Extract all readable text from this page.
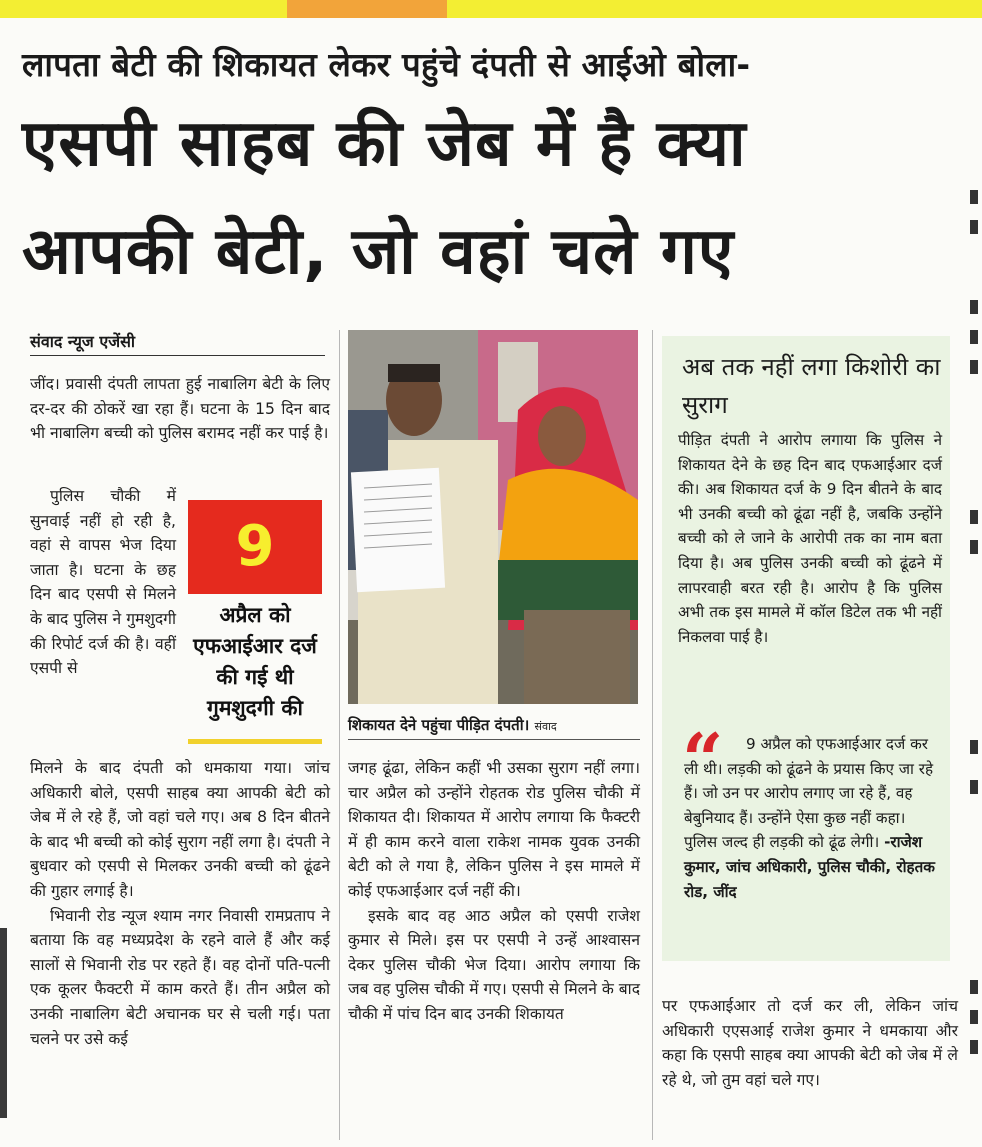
लापता बेटी की शिकायत लेकर पहुंचे दंपती से आईओ बोला-
एसपी साहब की जेब में है क्या
आपकी बेटी, जो वहां चले गए
संवाद न्यूज एजेंसी

जींद। प्रवासी दंपती लापता हुई नाबालिग बेटी के लिए दर-दर की ठोकरें खा रहा हैं। घटना के 15 दिन बाद भी नाबालिग बच्ची को पुलिस बरामद नहीं कर पाई है।

पुलिस चौकी में सुनवाई नहीं हो रही है, वहां से वापस भेज दिया जाता है। घटना के छह दिन बाद एसपी से मिलने के बाद पुलिस ने गुमशुदगी की रिपोर्ट दर्ज की है। वहीं एसपी से

9
अप्रैल को एफआईआर दर्ज की गई थी गुमशुदगी की

मिलने के बाद दंपती को धमकाया गया। जांच अधिकारी बोले, एसपी साहब क्या आपकी बेटी को जेब में ले रहे हैं, जो वहां चले गए। अब 8 दिन बीतने के बाद भी बच्ची को कोई सुराग नहीं लगा है। दंपती ने बुधवार को एसपी से मिलकर उनकी बच्ची को ढूंढने की गुहार लगाई है।

भिवानी रोड न्यूज श्याम नगर निवासी रामप्रताप ने बताया कि वह मध्यप्रदेश के रहने वाले हैं और कई सालों से भिवानी रोड पर रहते हैं। वह दोनों पति-पत्नी एक कूलर फैक्टरी में काम करते हैं। तीन अप्रैल को उनकी नाबालिग बेटी अचानक घर से चली गई। पता चलने पर उसे कई

शिकायत देने पहुंचा पीड़ित दंपती। संवाद

जगह ढूंढा, लेकिन कहीं भी उसका सुराग नहीं लगा। चार अप्रैल को उन्होंने रोहतक रोड पुलिस चौकी में शिकायत दी। शिकायत में आरोप लगाया कि फैक्टरी में ही काम करने वाला राकेश नामक युवक उनकी बेटी को ले गया है, लेकिन पुलिस ने इस मामले में कोई एफआईआर दर्ज नहीं की।

इसके बाद वह आठ अप्रैल को एसपी राजेश कुमार से मिले। इस पर एसपी ने उन्हें आश्वासन देकर पुलिस चौकी भेज दिया। आरोप लगाया कि जब वह पुलिस चौकी में गए। एसपी से मिलने के बाद चौकी में पांच दिन बाद उनकी शिकायत

अब तक नहीं लगा किशोरी का सुराग
पीड़ित दंपती ने आरोप लगाया कि पुलिस ने शिकायत देने के छह दिन बाद एफआईआर दर्ज की। अब शिकायत दर्ज के 9 दिन बीतने के बाद भी उनकी बच्ची को ढूंढा नहीं है, जबकि उन्होंने बच्ची को ले जाने के आरोपी तक का नाम बता दिया है। अब पुलिस उनकी बच्ची को ढूंढने में लापरवाही बरत रही है। आरोप है कि पुलिस अभी तक इस मामले में कॉल डिटेल तक भी नहीं निकलवा पाई है।
“	9 अप्रैल को एफआईआर दर्ज कर ली थी। लड़की को ढूंढने के प्रयास किए जा रहे हैं। जो उन पर आरोप लगाए जा रहे हैं, वह बेबुनियाद हैं। उन्होंने ऐसा कुछ नहीं कहा। पुलिस जल्द ही लड़की को ढूंढ लेगी। -राजेश कुमार, जांच अधिकारी, पुलिस चौकी, रोहतक रोड, जींद

पर एफआईआर तो दर्ज कर ली, लेकिन जांच अधिकारी एएसआई राजेश कुमार ने धमकाया और कहा कि एसपी साहब क्या आपकी बेटी को जेब में ले रहे थे, जो तुम वहां चले गए।
